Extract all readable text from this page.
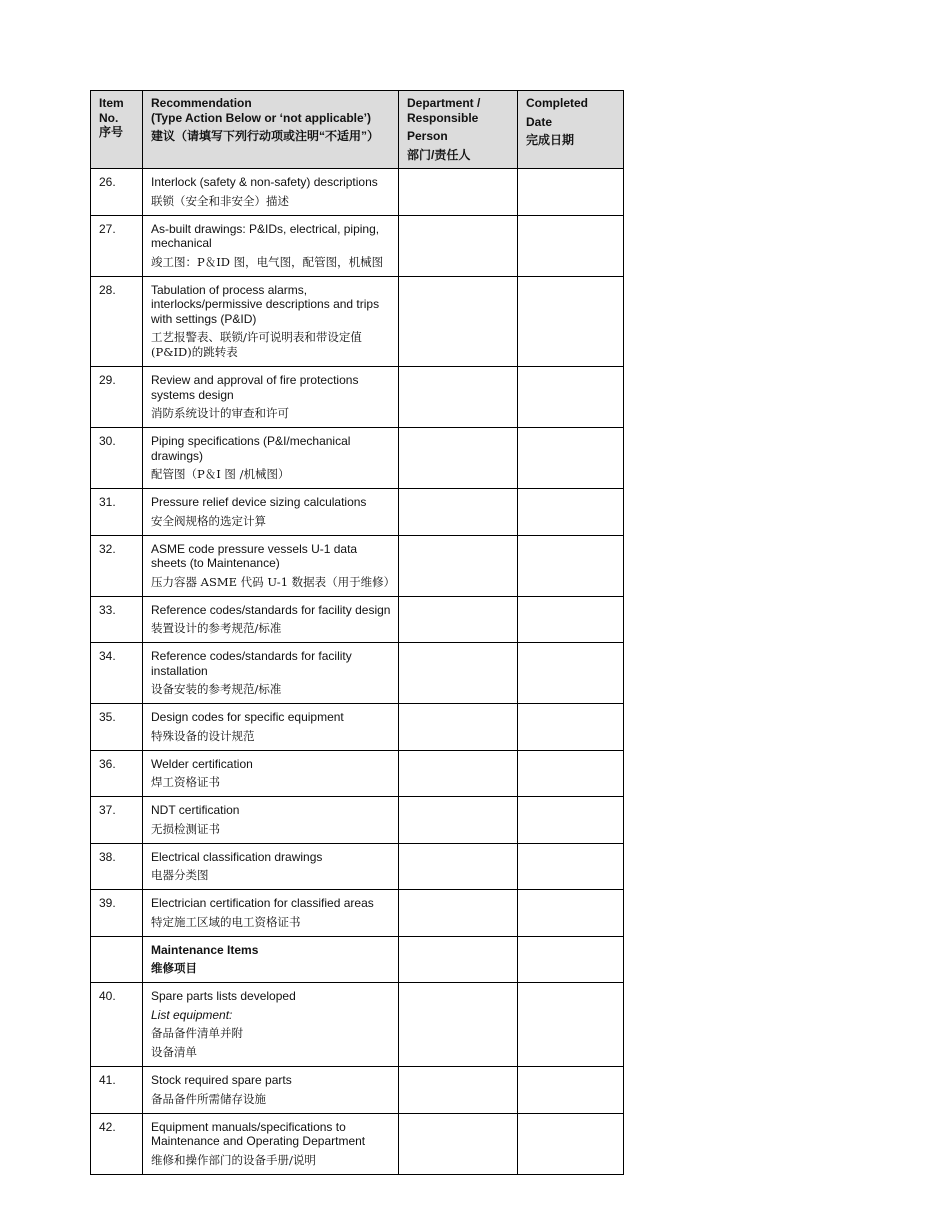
Item
No.
序号	Recommendation
(Type Action Below or ‘not applicable’)
建议（请填写下列行动项或注明“不适用”）	Department / Responsible
Person
部门/责任人	Completed
Date
完成日期

26.	Interlock (safety & non-safety) descriptions
联锁（安全和非安全）描述		

27.	As-built drawings: P&IDs, electrical, piping, mechanical
竣工图：P＆ID 图，电气图，配管图，机械图		

28.	Tabulation of process alarms, interlocks/permissive descriptions and trips with settings (P&ID)
工艺报警表、联锁/许可说明表和带设定值(P&ID)的跳转表		

29.	Review and approval of fire protections systems design
消防系统设计的审查和许可		

30.	Piping specifications (P&I/mechanical drawings)
配管图（P＆I 图 /机械图）		

31.	Pressure relief device sizing calculations
安全阀规格的选定计算		

32.	ASME code pressure vessels U-1 data sheets (to Maintenance)
压力容器 ASME 代码 U-1 数据表（用于维修）		

33.	Reference codes/standards for facility design
装置设计的参考规范/标准		

34.	Reference codes/standards for facility installation
设备安装的参考规范/标准		

35.	Design codes for specific equipment
特殊设备的设计规范		

36.	Welder certification
焊工资格证书		

37.	NDT certification
无损检测证书		

38.	Electrical classification drawings
电器分类图		

39.	Electrician certification for classified areas
特定施工区域的电工资格证书		

	Maintenance Items
维修项目		

40.	Spare parts lists developed
List equipment:
备品备件清单并附
设备清单		

41.	Stock required spare parts
备品备件所需储存设施		

42.	Equipment manuals/specifications to Maintenance and Operating Department
维修和操作部门的设备手册/说明		
